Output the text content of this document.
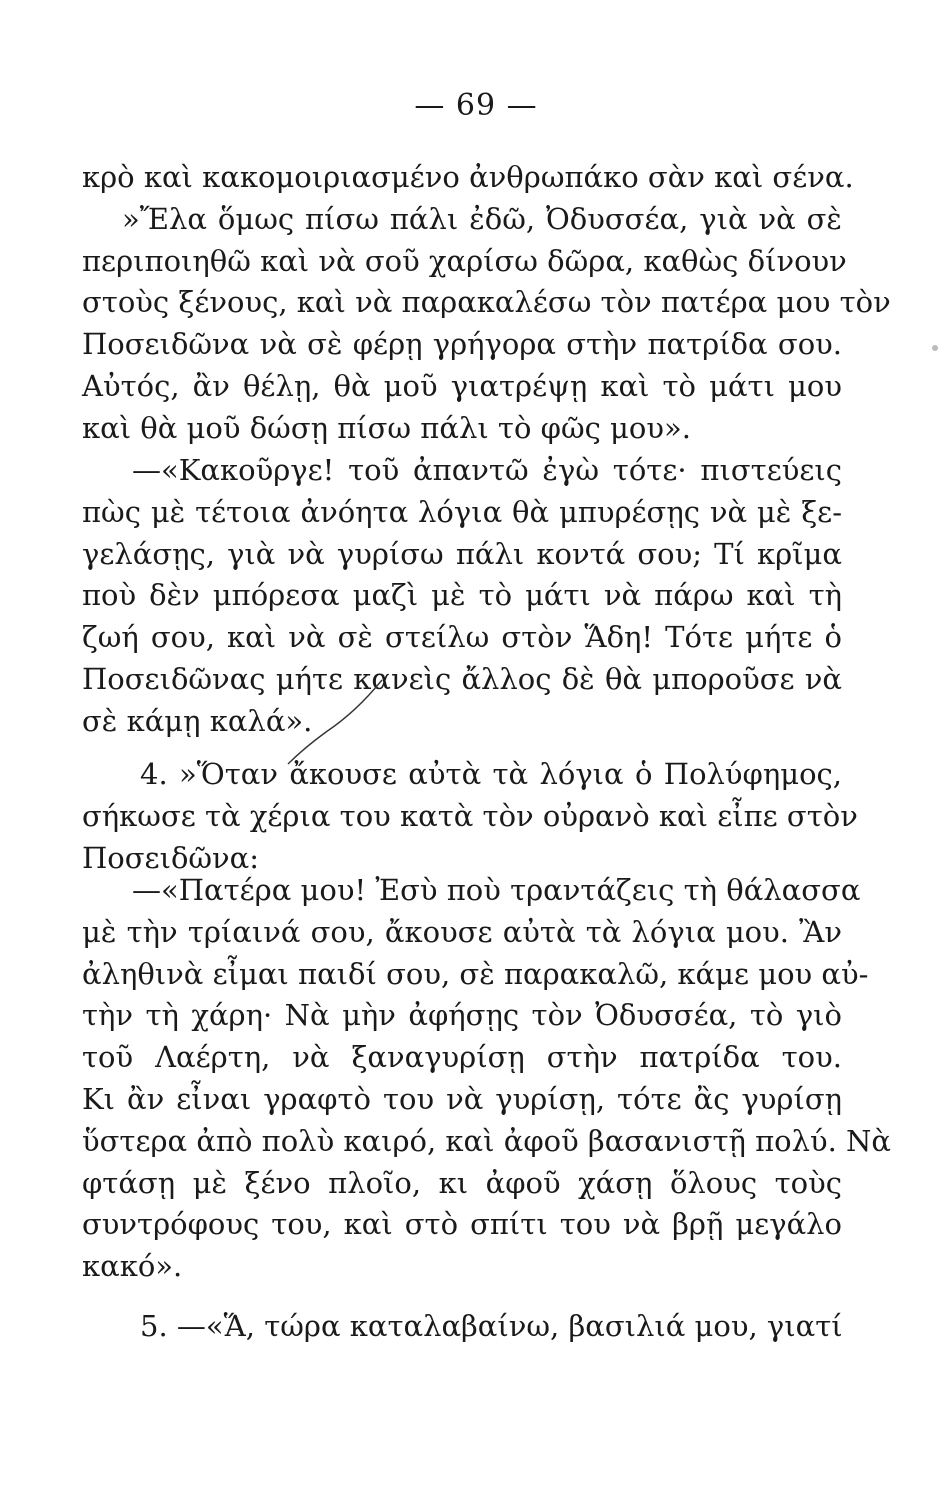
— 69 —
κρὸ καὶ κακομοιριασμένο ἀνθρωπάκο σὰν καὶ σένα.
»Ἔλα ὅμως πίσω πάλι ἐδῶ, Ὀδυσσέα, γιὰ νὰ σὲ
περιποιηθῶ καὶ νὰ σοῦ χαρίσω δῶρα, καθὼς δίνουν
στοὺς ξένους, καὶ νὰ παρακαλέσω τὸν πατέρα μου τὸν
Ποσειδῶνα νὰ σὲ φέρῃ γρήγορα στὴν πατρίδα σου.
Αὐτός, ἂν θέλῃ, θὰ μοῦ γιατρέψῃ καὶ τὸ μάτι μου
καὶ θὰ μοῦ δώσῃ πίσω πάλι τὸ φῶς μου».
—«Κακοῦργε! τοῦ ἀπαντῶ ἐγὼ τότε· πιστεύεις
πὼς μὲ τέτοια ἀνόητα λόγια θὰ μπυρέσῃς νὰ μὲ ξε-
γελάσῃς, γιὰ νὰ γυρίσω πάλι κοντά σου; Τί κρῖμα
ποὺ δὲν μπόρεσα μαζὶ μὲ τὸ μάτι νὰ πάρω καὶ τὴ
ζωή σου, καὶ νὰ σὲ στείλω στὸν Ἅδη! Τότε μήτε ὁ
Ποσειδῶνας μήτε κανεὶς ἄλλος δὲ θὰ μποροῦσε νὰ
σὲ κάμῃ καλά».
4. »Ὅταν ἄκουσε αὐτὰ τὰ λόγια ὁ Πολύφημος,
σήκωσε τὰ χέρια του κατὰ τὸν οὐρανὸ καὶ εἶπε στὸν
Ποσειδῶνα:
—«Πατέρα μου! Ἐσὺ ποὺ τραντάζεις τὴ θάλασσα
μὲ τὴν τρίαινά σου, ἄκουσε αὐτὰ τὰ λόγια μου. Ἂν
ἀληθινὰ εἶμαι παιδί σου, σὲ παρακαλῶ, κάμε μου αὐ-
τὴν τὴ χάρη· Νὰ μὴν ἀφήσῃς τὸν Ὀδυσσέα, τὸ γιὸ
τοῦ Λαέρτη, νὰ ξαναγυρίσῃ στὴν πατρίδα του.
Κι ἂν εἶναι γραφτὸ του νὰ γυρίσῃ, τότε ἂς γυρίσῃ
ὕστερα ἀπὸ πολὺ καιρό, καὶ ἀφοῦ βασανιστῇ πολύ. Νὰ
φτάσῃ μὲ ξένο πλοῖο, κι ἀφοῦ χάσῃ ὅλους τοὺς
συντρόφους του, καὶ στὸ σπίτι του νὰ βρῇ μεγάλο
κακό».
5. —«Ἅ, τώρα καταλαβαίνω, βασιλιά μου, γιατί
